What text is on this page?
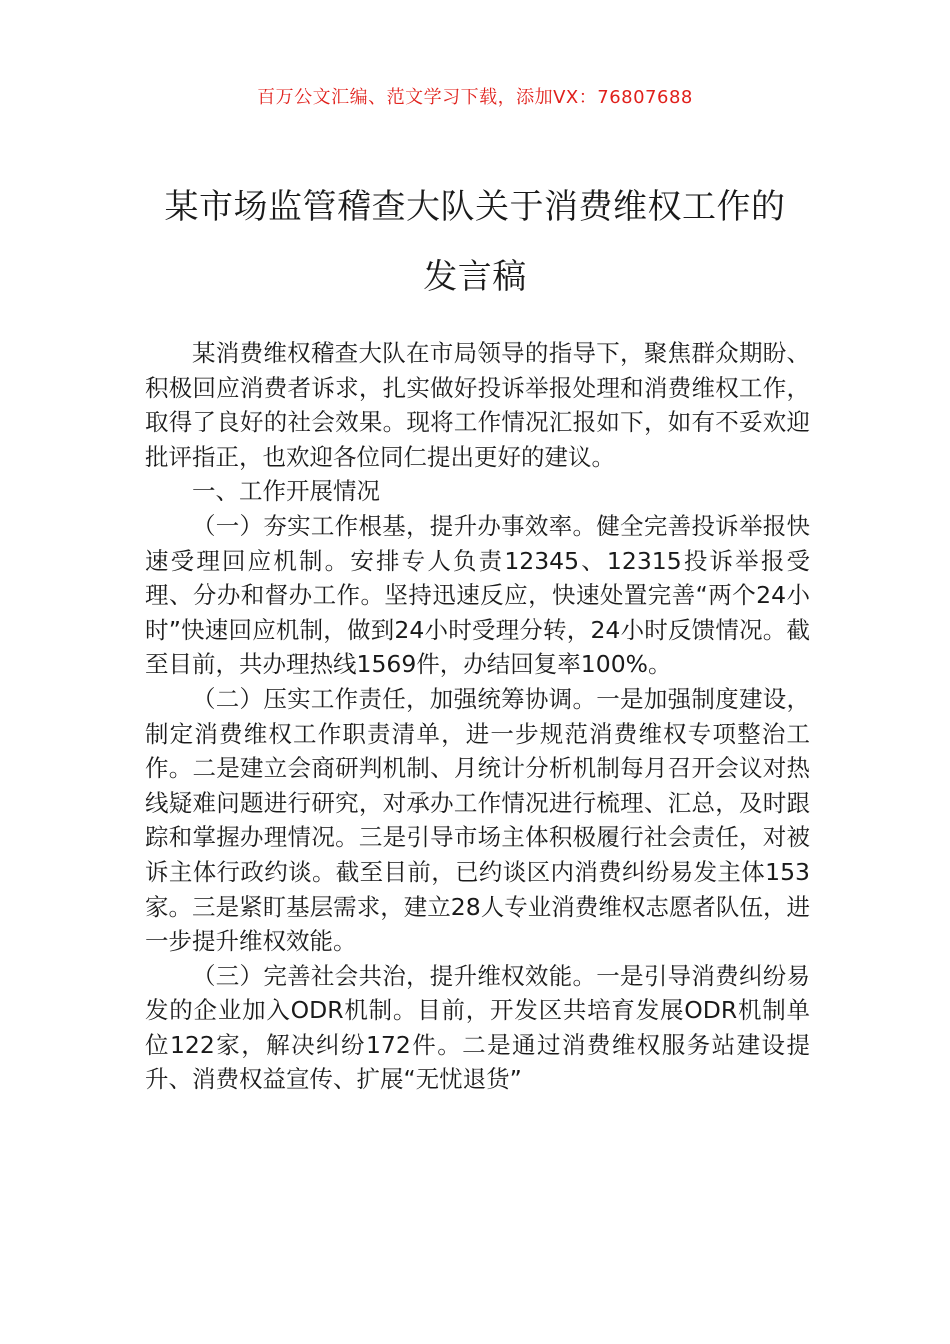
百万公文汇编、范文学习下载，添加VX：76807688
某市场监管稽查大队关于消费维权工作的
发言稿

某消费维权稽查大队在市局领导的指导下，聚焦群众期盼、积极回应消费者诉求，扎实做好投诉举报处理和消费维权工作，取得了良好的社会效果。现将工作情况汇报如下，如有不妥欢迎批评指正，也欢迎各位同仁提出更好的建议。

一、工作开展情况

（一）夯实工作根基，提升办事效率。健全完善投诉举报快速受理回应机制。安排专人负责12345、12315投诉举报受理、分办和督办工作。坚持迅速反应，快速处置完善“两个24小时”快速回应机制，做到24小时受理分转，24小时反馈情况。截至目前，共办理热线1569件，办结回复率100%。

（二）压实工作责任，加强统筹协调。一是加强制度建设，制定消费维权工作职责清单，进一步规范消费维权专项整治工作。二是建立会商研判机制、月统计分析机制每月召开会议对热线疑难问题进行研究，对承办工作情况进行梳理、汇总，及时跟踪和掌握办理情况。三是引导市场主体积极履行社会责任，对被诉主体行政约谈。截至目前，已约谈区内消费纠纷易发主体153家。三是紧盯基层需求，建立28人专业消费维权志愿者队伍，进一步提升维权效能。

（三）完善社会共治，提升维权效能。一是引导消费纠纷易发的企业加入ODR机制。目前，开发区共培育发展ODR机制单位122家，解决纠纷172件。二是通过消费维权服务站建设提升、消费权益宣传、扩展“无忧退货”
